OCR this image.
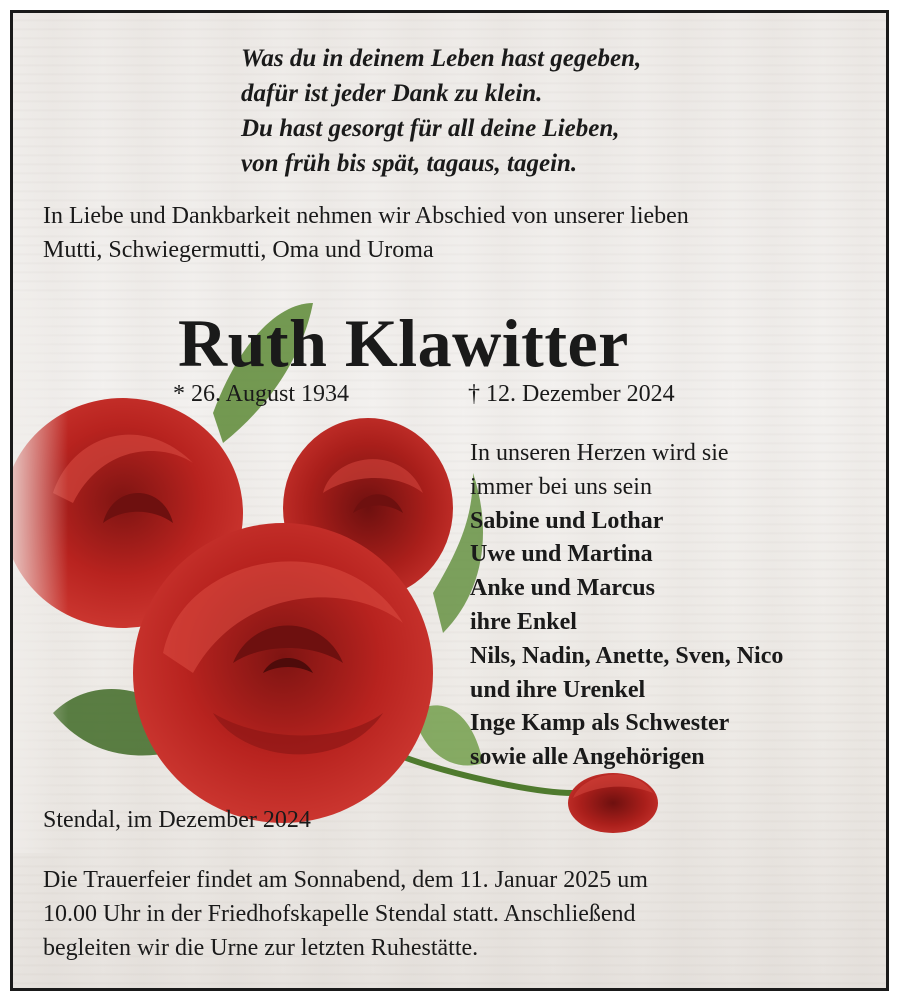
Was du in deinem Leben hast gegeben,
dafür ist jeder Dank zu klein.
Du hast gesorgt für all deine Lieben,
von früh bis spät, tagaus, tagein.
In Liebe und Dankbarkeit nehmen wir Abschied von unserer lieben
Mutti, Schwiegermutti, Oma und Uroma
Ruth Klawitter
* 26. August 1934	† 12. Dezember 2024
In unseren Herzen wird sie
immer bei uns sein
Sabine und Lothar
Uwe und Martina
Anke und Marcus
ihre Enkel
Nils, Nadin, Anette, Sven, Nico
und ihre Urenkel
Inge Kamp als Schwester
sowie alle Angehörigen
Stendal, im Dezember 2024
Die Trauerfeier findet am Sonnabend, dem 11. Januar 2025 um
10.00 Uhr in der Friedhofskapelle Stendal statt. Anschließend
begleiten wir die Urne zur letzten Ruhestätte.
